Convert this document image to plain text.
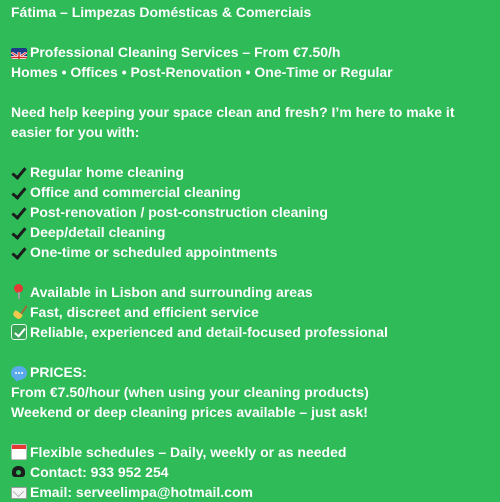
Fátima – Limpezas Domésticas & Comerciais
Professional Cleaning Services – From €7.50/h
Homes • Offices • Post-Renovation • One-Time or Regular
Need help keeping your space clean and fresh? I’m here to make it
easier for you with:
Regular home cleaning
Office and commercial cleaning
Post-renovation / post-construction cleaning
Deep/detail cleaning
One-time or scheduled appointments
Available in Lisbon and surrounding areas
Fast, discreet and efficient service
Reliable, experienced and detail-focused professional
PRICES:
From €7.50/hour (when using your cleaning products)
Weekend or deep cleaning prices available – just ask!
Flexible schedules – Daily, weekly or as needed
Contact: 933 952 254
Email: serveelimpa@hotmail.com
